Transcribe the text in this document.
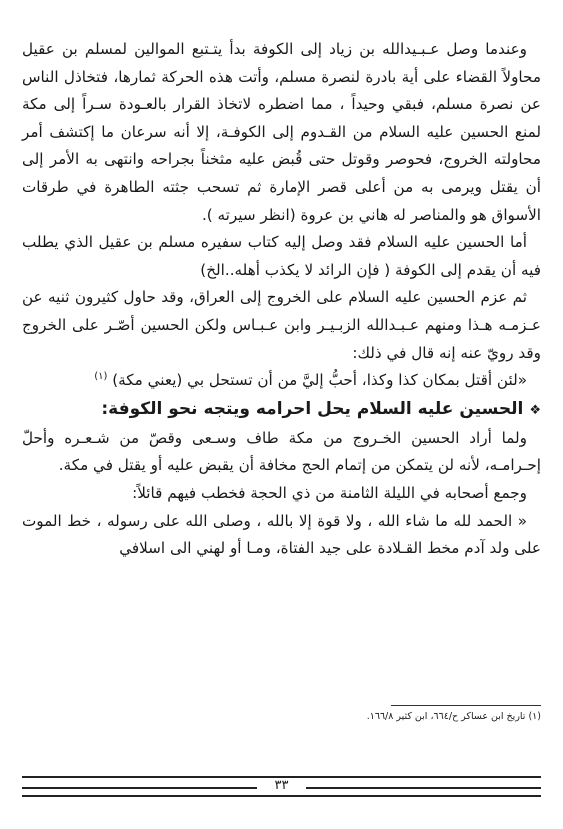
وعندما وصل عـبـيدالله بن زياد إلى الكوفة بدأ يتـتبع الموالين لمسلم بن عقيل محاولاً القضاء على أية بادرة لنصرة مسلم، وأتت هذه الحركة ثمارها، فتخاذل الناس عن نصرة مسلم، فبقي وحيداً ، مما اضطره لاتخاذ القرار بالعـودة سـراً إلى مكة لمنع الحسين عليه السلام من القـدوم إلى الكوفـة، إلا أنه سرعان ما إكتشف أمر محاولته الخروج، فحوصر وقوتل حتى قُبض عليه مثخناً بجراحه وانتهى به الأمر إلى أن يقتل ويرمى به من أعلى قصر الإمارة ثم تسحب جثته الطاهرة في طرقات الأسواق هو والمناصر له هاني بن عروة (انظر سيرته ).

أما الحسين عليه السلام فقد وصل إليه كتاب سفيره مسلم بن عقيل الذي يطلب فيه أن يقدم إلى الكوفة ( فإن الرائد لا يكذب أهله..الخ)

ثم عزم الحسين عليه السلام على الخروج إلى العراق، وقد حاول كثيرون ثنيه عن عـزمـه هـذا ومنهم عـبـدالله الزبـيـر وابن عـبـاس ولكن الحسين أصّـر على الخروج وقد رويّ عنه إنه قال في ذلك:

«لئن أقتل بمكان كذا وكذا، أحبُّ إليَّ من أن تستحل بي (يعني مكة) $^{(١)}$

❖الحسين عليه السلام يحل احرامه ويتجه نحو الكوفة:

ولما أراد الحسين الخـروج من مكة طاف وسـعى وقصّ من شـعـره وأحلّ إحـرامـه، لأنه لن يتمكن من إتمام الحج مخافة أن يقبض عليه أو يقتل في مكة.

وجمع أصحابه في الليلة الثامنة من ذي الحجة فخطب فيهم قائلاً:

« الحمد لله ما شاء الله ، ولا قوة إلا بالله ، وصلى الله على رسوله ، خط الموت على ولد آدم مخط القـلادة على جيد الفتاة، ومـا أو لهني الى اسلافي

(١) تاريخ ابن عساكر ح/٦٦٤، ابن كثير ١٦٦/٨.
٣٣
